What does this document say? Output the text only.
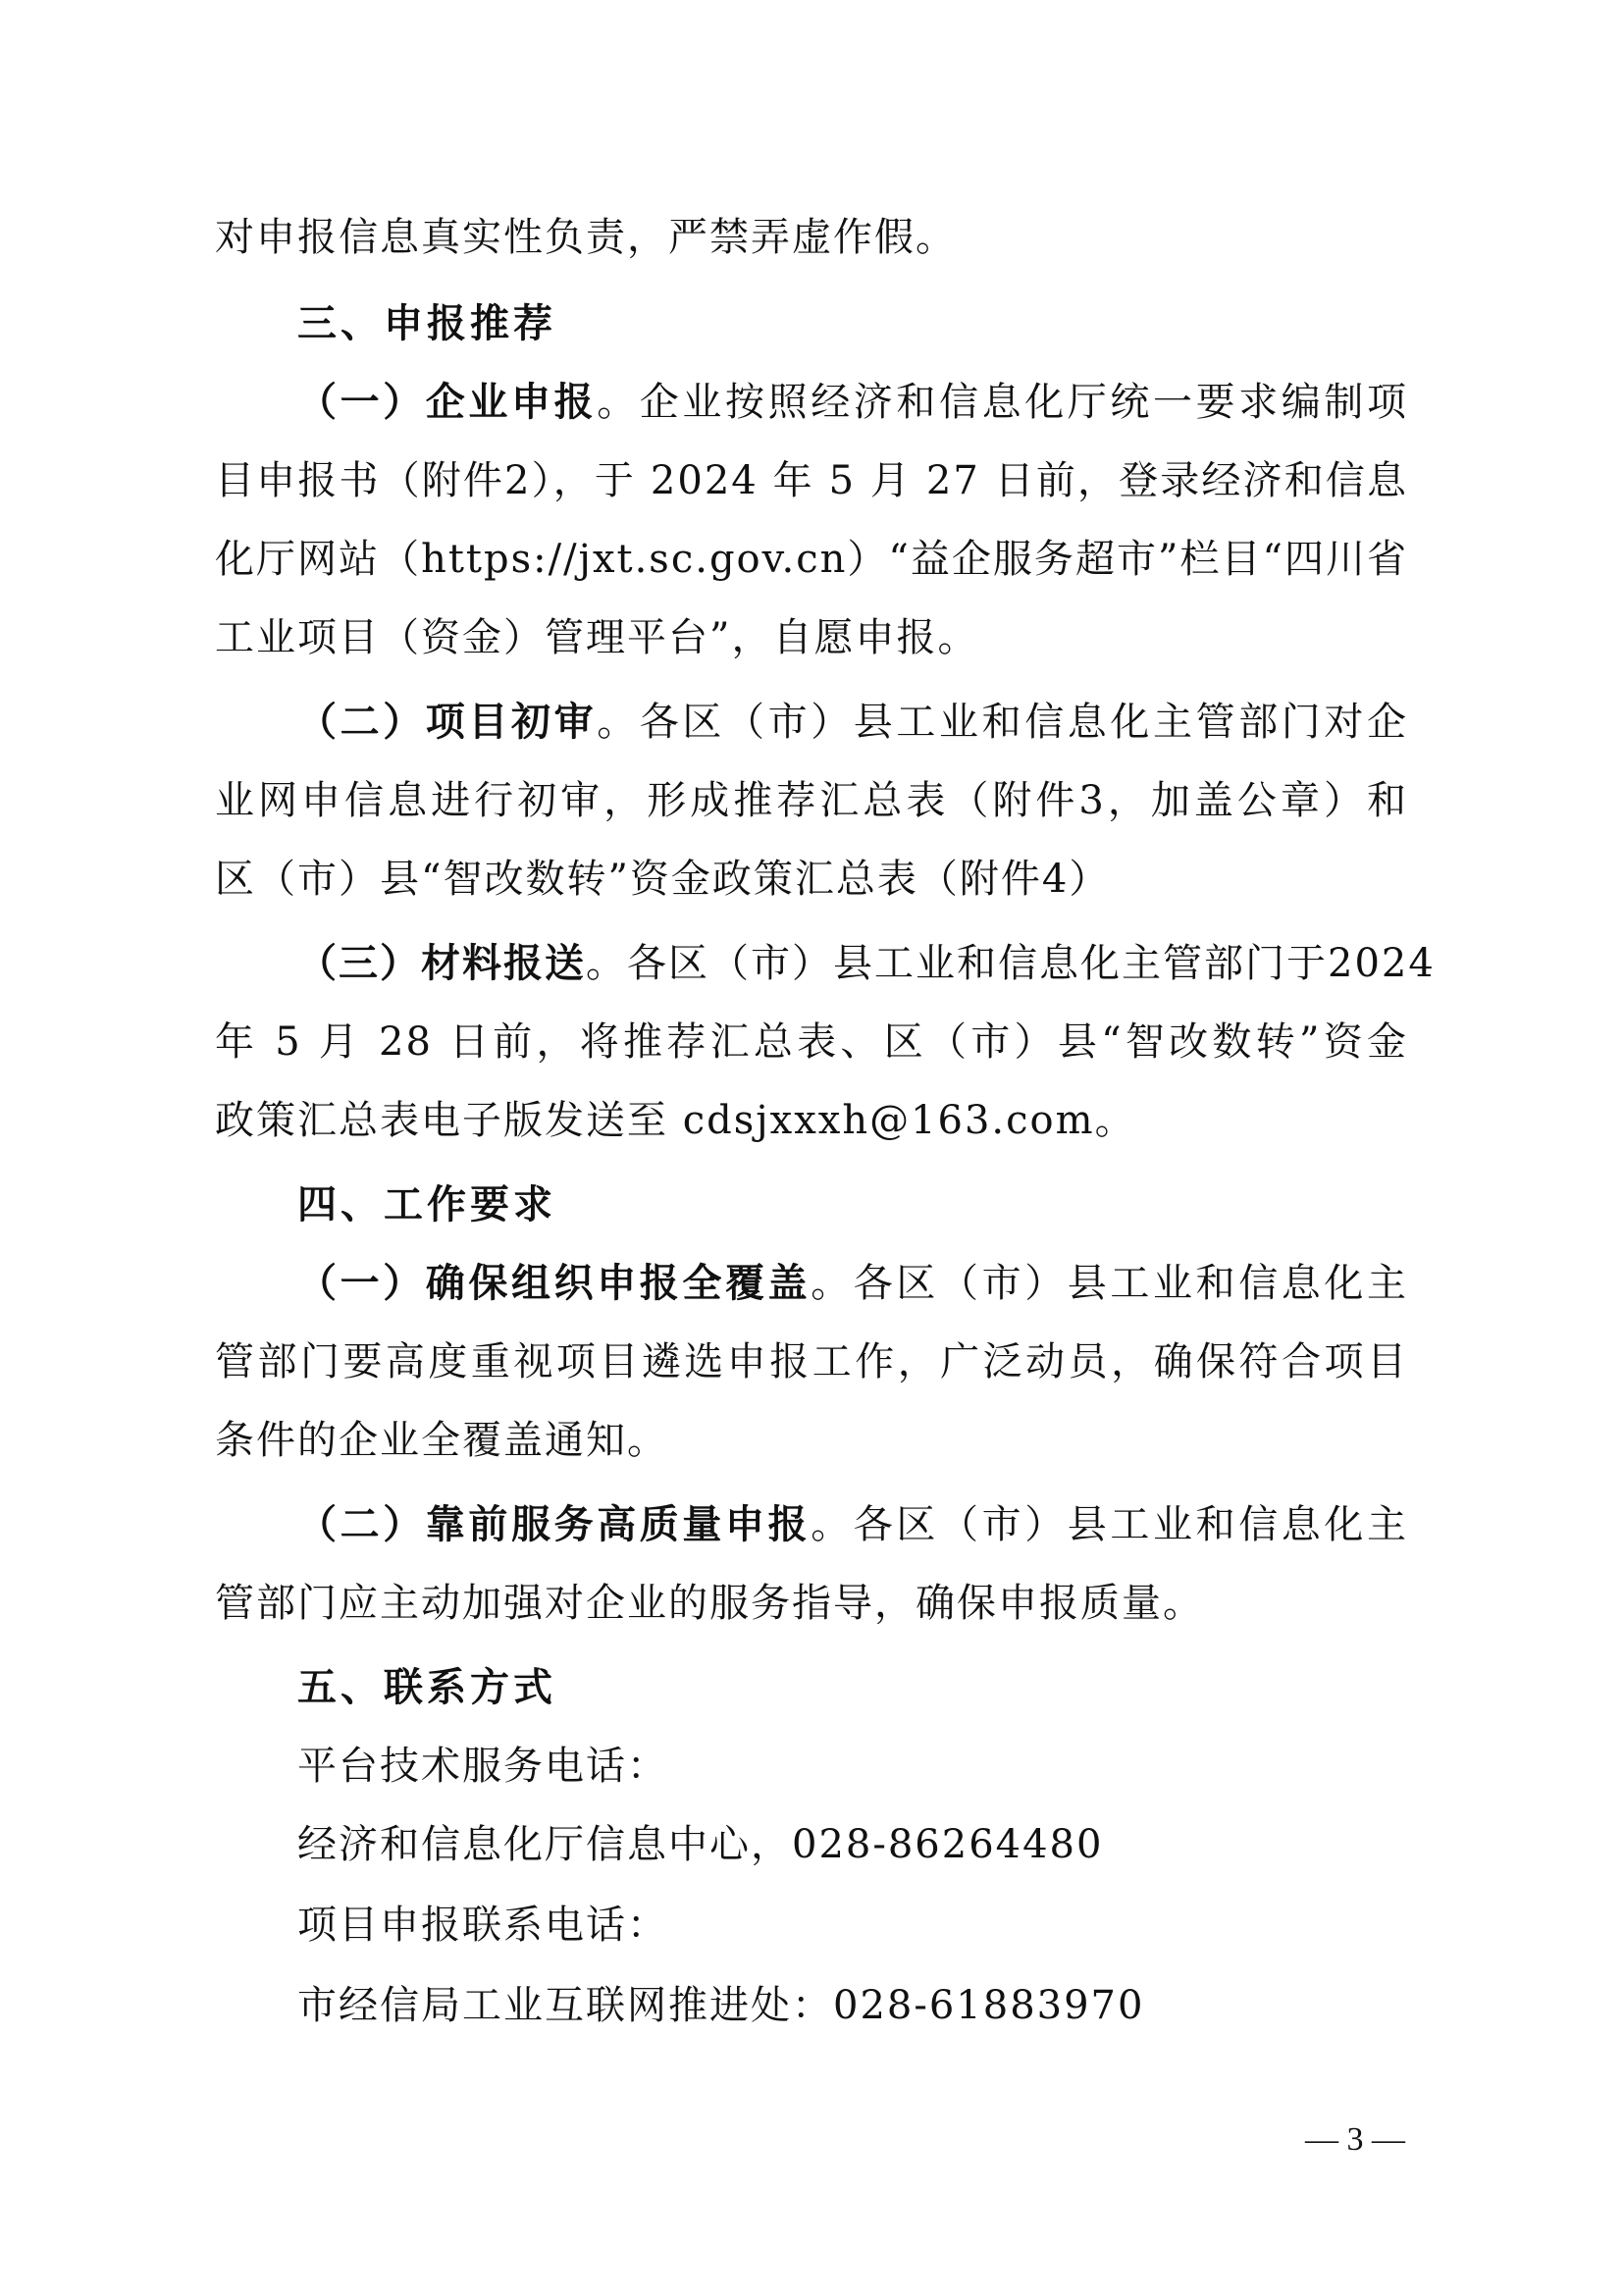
对申报信息真实性负责，严禁弄虚作假。
三、申报推荐
（一）企业申报。企业按照经济和信息化厅统一要求编制项
目申报书（附件2），于 2024 年 5 月 27 日前，登录经济和信息
化厅网站（https://jxt.sc.gov.cn）“益企服务超市”栏目“四川省
工业项目（资金）管理平台”，自愿申报。
（二）项目初审。各区（市）县工业和信息化主管部门对企
业网申信息进行初审，形成推荐汇总表（附件3，加盖公章）和
区（市）县“智改数转”资金政策汇总表（附件4）
（三）材料报送。各区（市）县工业和信息化主管部门于2024
年 5 月 28 日前，将推荐汇总表、区（市）县“智改数转”资金
政策汇总表电子版发送至 cdsjxxxh@163.com。
四、工作要求
（一）确保组织申报全覆盖。各区（市）县工业和信息化主
管部门要高度重视项目遴选申报工作，广泛动员，确保符合项目
条件的企业全覆盖通知。
（二）靠前服务高质量申报。各区（市）县工业和信息化主
管部门应主动加强对企业的服务指导，确保申报质量。
五、联系方式
平台技术服务电话：
经济和信息化厅信息中心，028-86264480
项目申报联系电话：
市经信局工业互联网推进处：028-61883970
— 3 —
